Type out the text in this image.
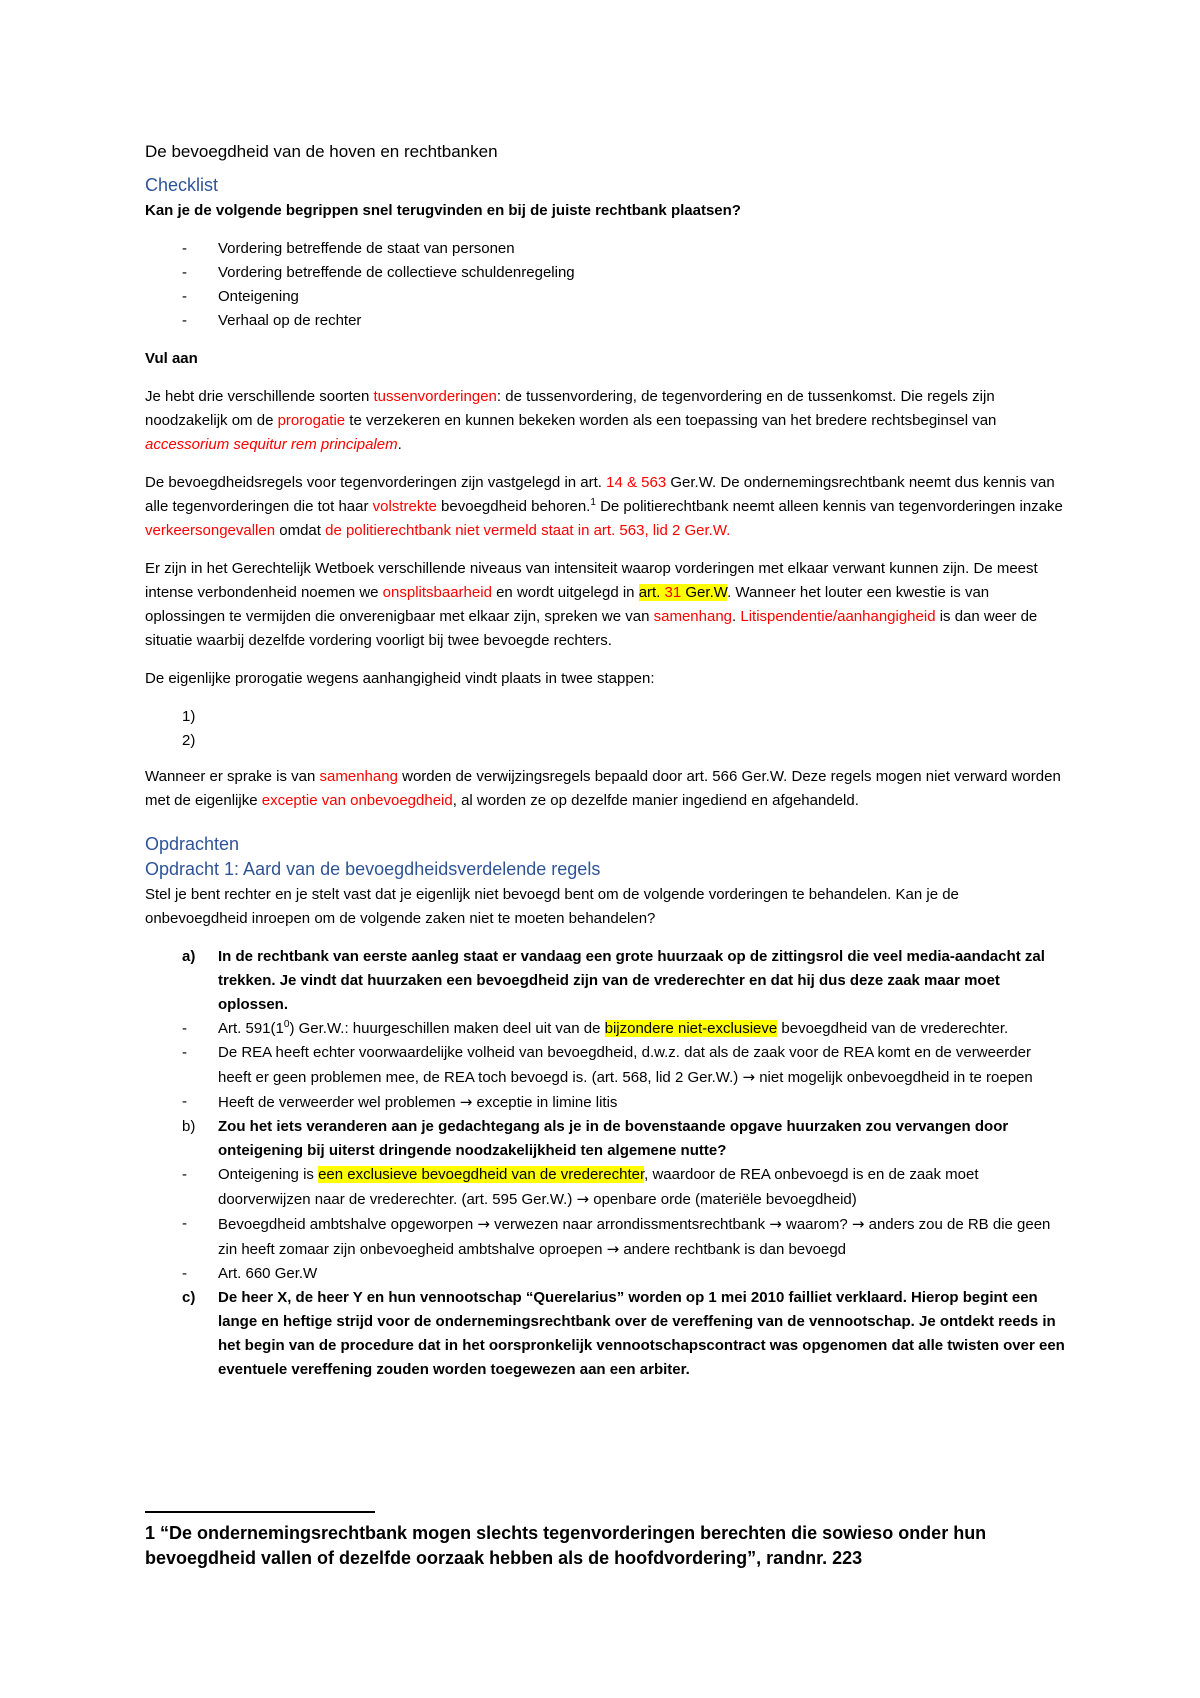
De bevoegdheid van de hoven en rechtbanken

Checklist

Kan je de volgende begrippen snel terugvinden en bij de juiste rechtbank plaatsen?

- Vordering betreffende de staat van personen
- Vordering betreffende de collectieve schuldenregeling
- Onteigening
- Verhaal op de rechter

Vul aan

Je hebt drie verschillende soorten tussenvorderingen: de tussenvordering, de tegenvordering en de tussenkomst. Die regels zijn noodzakelijk om de prorogatie te verzekeren en kunnen bekeken worden als een toepassing van het bredere rechtsbeginsel van accessorium sequitur rem principalem.

De bevoegdheidsregels voor tegenvorderingen zijn vastgelegd in art. 14 & 563 Ger.W. De ondernemingsrechtbank neemt dus kennis van alle tegenvorderingen die tot haar volstrekte bevoegdheid behoren.$^1$ De politierechtbank neemt alleen kennis van tegenvorderingen inzake verkeersongevallen omdat de politierechtbank niet vermeld staat in art. 563, lid 2 Ger.W.

Er zijn in het Gerechtelijk Wetboek verschillende niveaus van intensiteit waarop vorderingen met elkaar verwant kunnen zijn. De meest intense verbondenheid noemen we onsplitsbaarheid en wordt uitgelegd in art. 31 Ger.W. Wanneer het louter een kwestie is van oplossingen te vermijden die onverenigbaar met elkaar zijn, spreken we van samenhang. Litispendentie/aanhangigheid is dan weer de situatie waarbij dezelfde vordering voorligt bij twee bevoegde rechters.

De eigenlijke prorogatie wegens aanhangigheid vindt plaats in twee stappen:

1)
2)

Wanneer er sprake is van samenhang worden de verwijzingsregels bepaald door art. 566 Ger.W. Deze regels mogen niet verward worden met de eigenlijke exceptie van onbevoegdheid, al worden ze op dezelfde manier ingediend en afgehandeld.

Opdrachten
Opdracht 1: Aard van de bevoegdheidsverdelende regels

Stel je bent rechter en je stelt vast dat je eigenlijk niet bevoegd bent om de volgende vorderingen te behandelen. Kan je de onbevoegdheid inroepen om de volgende zaken niet te moeten behandelen?

a) In de rechtbank van eerste aanleg staat er vandaag een grote huurzaak op de zittingsrol die veel media-aandacht zal trekken. Je vindt dat huurzaken een bevoegdheid zijn van de vrederechter en dat hij dus deze zaak maar moet oplossen.
- Art. $591(1^0)$ Ger.W.: huurgeschillen maken deel uit van de bijzondere niet-exclusieve bevoegdheid van de vrederechter.
- De REA heeft echter voorwaardelijke volheid van bevoegdheid, d.w.z. dat als de zaak voor de REA komt en de verweerder heeft er geen problemen mee, de REA toch bevoegd is. (art. 568, lid 2 Ger.W.) → niet mogelijk onbevoegdheid in te roepen
- Heeft de verweerder wel problemen → exceptie in limine litis
b) Zou het iets veranderen aan je gedachtegang als je in de bovenstaande opgave huurzaken zou vervangen door onteigening bij uiterst dringende noodzakelijkheid ten algemene nutte?
- Onteigening is een exclusieve bevoegdheid van de vrederechter, waardoor de REA onbevoegd is en de zaak moet doorverwijzen naar de vrederechter. (art. 595 Ger.W.) → openbare orde (materiële bevoegdheid)
- Bevoegdheid ambtshalve opgeworpen → verwezen naar arrondissmentsrechtbank → waarom? → anders zou de RB die geen zin heeft zomaar zijn onbevoegheid ambtshalve oproepen → andere rechtbank is dan bevoegd
- Art. 660 Ger.W
c) De heer X, de heer Y en hun vennootschap “Querelarius” worden op 1 mei 2010 failliet verklaard. Hierop begint een lange en heftige strijd voor de ondernemingsrechtbank over de vereffening van de vennootschap. Je ontdekt reeds in het begin van de procedure dat in het oorspronkelijk vennootschapscontract was opgenomen dat alle twisten over een eventuele vereffening zouden worden toegewezen aan een arbiter.

1 “De ondernemingsrechtbank mogen slechts tegenvorderingen berechten die sowieso onder hun bevoegdheid vallen of dezelfde oorzaak hebben als de hoofdvordering”, randnr. 223
